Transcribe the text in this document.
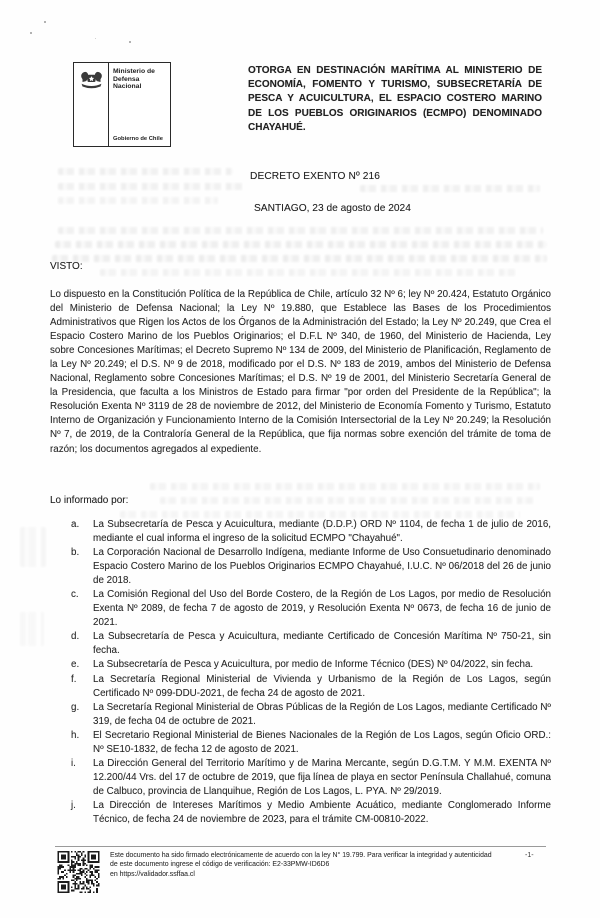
Ministerio de Defensa Nacional
Gobierno de Chile
OTORGA EN DESTINACIÓN MARÍTIMA AL MINISTERIO DE ECONOMÍA, FOMENTO Y TURISMO, SUBSECRETARÍA DE PESCA Y ACUICULTURA, EL ESPACIO COSTERO MARINO DE LOS PUEBLOS ORIGINARIOS (ECMPO) DENOMINADO CHAYAHUÉ.
DECRETO EXENTO Nº 216
SANTIAGO, 23 de agosto de 2024
VISTO:
Lo dispuesto en la Constitución Política de la República de Chile, artículo 32 Nº 6; ley Nº 20.424, Estatuto Orgánico del Ministerio de Defensa Nacional; la Ley Nº 19.880, que Establece las Bases de los Procedimientos Administrativos que Rigen los Actos de los Órganos de la Administración del Estado; la Ley Nº 20.249, que Crea el Espacio Costero Marino de los Pueblos Originarios; el D.F.L Nº 340, de 1960, del Ministerio de Hacienda, Ley sobre Concesiones Marítimas; el Decreto Supremo Nº 134 de 2009, del Ministerio de Planificación, Reglamento de la Ley Nº 20.249; el D.S. Nº 9 de 2018, modificado por el D.S. Nº 183 de 2019, ambos del Ministerio de Defensa Nacional, Reglamento sobre Concesiones Marítimas; el D.S. Nº 19 de 2001, del Ministerio Secretaría General de la Presidencia, que faculta a los Ministros de Estado para firmar "por orden del Presidente de la República"; la Resolución Exenta Nº 3119 de 28 de noviembre de 2012, del Ministerio de Economía Fomento y Turismo, Estatuto Interno de Organización y Funcionamiento Interno de la Comisión Intersectorial de la Ley Nº 20.249; la Resolución Nº 7, de 2019, de la Contraloría General de la República, que fija normas sobre exención del trámite de toma de razón; los documentos agregados al expediente.
Lo informado por:
a.	La Subsecretaría de Pesca y Acuicultura, mediante (D.D.P.) ORD Nº 1104, de fecha 1 de julio de 2016, mediante el cual informa el ingreso de la solicitud ECMPO "Chayahué".
b.	La Corporación Nacional de Desarrollo Indígena, mediante Informe de Uso Consuetudinario denominado Espacio Costero Marino de los Pueblos Originarios ECMPO Chayahué, I.U.C. Nº 06/2018 del 26 de junio de 2018.
c.	La Comisión Regional del Uso del Borde Costero, de la Región de Los Lagos, por medio de Resolución Exenta Nº 2089, de fecha 7 de agosto de 2019, y Resolución Exenta Nº 0673, de fecha 16 de junio de 2021.
d.	La Subsecretaría de Pesca y Acuicultura, mediante Certificado de Concesión Marítima Nº 750-21, sin fecha.
e.	La Subsecretaría de Pesca y Acuicultura, por medio de Informe Técnico (DES) Nº 04/2022, sin fecha.
f.	La Secretaría Regional Ministerial de Vivienda y Urbanismo de la Región de Los Lagos, según Certificado Nº 099-DDU-2021, de fecha 24 de agosto de 2021.
g.	La Secretaría Regional Ministerial de Obras Públicas de la Región de Los Lagos, mediante Certificado Nº 319, de fecha 04 de octubre de 2021.
h.	El Secretario Regional Ministerial de Bienes Nacionales de la Región de Los Lagos, según Oficio ORD.: Nº SE10-1832, de fecha 12 de agosto de 2021.
i.	La Dirección General del Territorio Marítimo y de Marina Mercante, según D.G.T.M. Y M.M. EXENTA Nº 12.200/44 Vrs. del 17 de octubre de 2019, que fija línea de playa en sector Península Challahué, comuna de Calbuco, provincia de Llanquihue, Región de Los Lagos, L. PYA. Nº 29/2019.
j.	La Dirección de Intereses Marítimos y Medio Ambiente Acuático, mediante Conglomerado Informe Técnico, de fecha 24 de noviembre de 2023, para el trámite CM-00810-2022.
Este documento ha sido firmado electrónicamente de acuerdo con la ley N° 19.799. Para verificar la integridad y autenticidad
de este documento ingrese el código de verificación: E2-33PMW-ID6D6
en https://validador.ssffaa.cl
-1-
